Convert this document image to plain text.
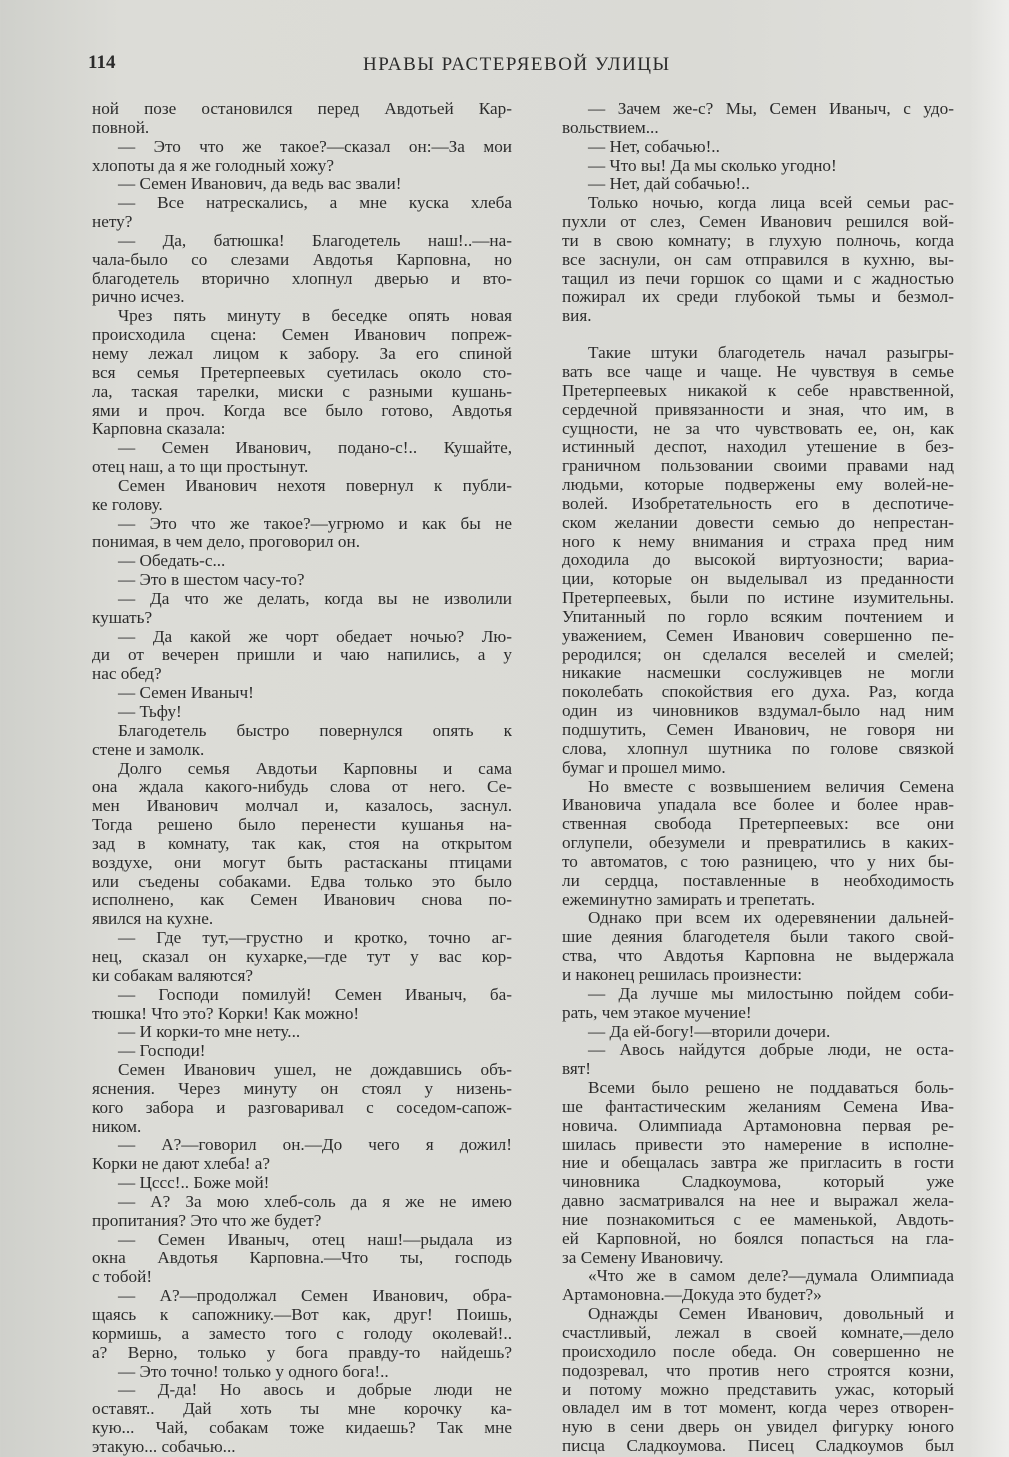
114	НРАВЫ РАСТЕРЯЕВОЙ УЛИЦЫ
ной позе остановился перед Авдотьей Кар-
повной.
— Это что же такое?—сказал он:—За мои
хлопоты да я же голодный хожу?
— Семен Иванович, да ведь вас звали!
— Все натрескались, а мне куска хлеба
нету?
— Да, батюшка! Благодетель наш!..—на-
чала-было со слезами Авдотья Карповна, но
благодетель вторично хлопнул дверью и вто-
рично исчез.
Чрез пять минуту в беседке опять новая
происходила сцена: Семен Иванович попреж-
нему лежал лицом к забору. За его спиной
вся семья Претерпеевых суетилась около сто-
ла, таская тарелки, миски с разными кушань-
ями и проч. Когда все было готово, Авдотья
Карповна сказала:
— Семен Иванович, подано-с!.. Кушайте,
отец наш, а то щи простынут.
Семен Иванович нехотя повернул к публи-
ке голову.
— Это что же такое?—угрюмо и как бы не
понимая, в чем дело, проговорил он.
— Обедать-с...
— Это в шестом часу-то?
— Да что же делать, когда вы не изволили
кушать?
— Да какой же чорт обедает ночью? Лю-
ди от вечерен пришли и чаю напились, а у
нас обед?
— Семен Иваныч!
— Тьфу!
Благодетель быстро повернулся опять к
стене и замолк.
Долго семья Авдотьи Карповны и сама
она ждала какого-нибудь слова от него. Се-
мен Иванович молчал и, казалось, заснул.
Тогда решено было перенести кушанья на-
зад в комнату, так как, стоя на открытом
воздухе, они могут быть растасканы птицами
или съедены собаками. Едва только это было
исполнено, как Семен Иванович снова по-
явился на кухне.
— Где тут,—грустно и кротко, точно аг-
нец, сказал он кухарке,—где тут у вас кор-
ки собакам валяются?
— Господи помилуй! Семен Иваныч, ба-
тюшка! Что это? Корки! Как можно!
— И корки-то мне нету...
— Господи!
Семен Иванович ушел, не дождавшись объ-
яснения. Через минуту он стоял у низень-
кого забора и разговаривал с соседом-сапож-
ником.
— А?—говорил он.—До чего я дожил!
Корки не дают хлеба! а?
— Цссс!.. Боже мой!
— А? За мою хлеб-соль да я же не имею
пропитания? Это что же будет?
— Семен Иваныч, отец наш!—рыдала из
окна Авдотья Карповна.—Что ты, господь
с тобой!
— А?—продолжал Семен Иванович, обра-
щаясь к сапожнику.—Вот как, друг! Поишь,
кормишь, а заместо того с голоду околевай!..
а? Верно, только у бога правду-то найдешь?
— Это точно! только у одного бога!..
— Д-да! Но авось и добрые люди не
оставят.. Дай хоть ты мне корочку ка-
кую... Чай, собакам тоже кидаешь? Так мне
этакую... собачью...
— Зачем же-с? Мы, Семен Иваныч, с удо-
вольствием...
— Нет, собачью!..
— Что вы! Да мы сколько угодно!
— Нет, дай собачью!..
Только ночью, когда лица всей семьи рас-
пухли от слез, Семен Иванович решился вой-
ти в свою комнату; в глухую полночь, когда
все заснули, он сам отправился в кухню, вы-
тащил из печи горшок со щами и с жадностью
пожирал их среди глубокой тьмы и безмол-
вия.
Такие штуки благодетель начал разыгры-
вать все чаще и чаще. Не чувствуя в семье
Претерпеевых никакой к себе нравственной,
сердечной привязанности и зная, что им, в
сущности, не за что чувствовать ее, он, как
истинный деспот, находил утешение в без-
граничном пользовании своими правами над
людьми, которые подвержены ему волей-не-
волей. Изобретательность его в деспотиче-
ском желании довести семью до непрестан-
ного к нему внимания и страха пред ним
доходила до высокой виртуозности; вариа-
ции, которые он выделывал из преданности
Претерпеевых, были по истине изумительны.
Упитанный по горло всяким почтением и
уважением, Семен Иванович совершенно пе-
реродился; он сделался веселей и смелей;
никакие насмешки сослуживцев не могли
поколебать спокойствия его духа. Раз, когда
один из чиновников вздумал-было над ним
подшутить, Семен Иванович, не говоря ни
слова, хлопнул шутника по голове связкой
бумаг и прошел мимо.
Но вместе с возвышением величия Семена
Ивановича упадала все более и более нрав-
ственная свобода Претерпеевых: все они
оглупели, обезумели и превратились в каких-
то автоматов, с тою разницею, что у них бы-
ли сердца, поставленные в необходимость
ежеминутно замирать и трепетать.
Однако при всем их одеревянении дальней-
шие деяния благодетеля были такого свой-
ства, что Авдотья Карповна не выдержала
и наконец решилась произнести:
— Да лучше мы милостыню пойдем соби-
рать, чем этакое мучение!
— Да ей-богу!—вторили дочери.
— Авось найдутся добрые люди, не оста-
вят!
Всеми было решено не поддаваться боль-
ше фантастическим желаниям Семена Ива-
новича. Олимпиада Артамоновна первая ре-
шилась привести это намерение в исполне-
ние и обещалась завтра же пригласить в гости
чиновника Сладкоумова, который уже
давно засматривался на нее и выражал жела-
ние познакомиться с ее маменькой, Авдоть-
ей Карповной, но боялся попасться на гла-
за Семену Ивановичу.
«Что же в самом деле?—думала Олимпиада
Артамоновна.—Докуда это будет?»
Однажды Семен Иванович, довольный и
счастливый, лежал в своей комнате,—дело
происходило после обеда. Он совершенно не
подозревал, что против него строятся козни,
и потому можно представить ужас, который
овладел им в тот момент, когда через отворен-
ную в сени дверь он увидел фигурку юного
писца Сладкоумова. Писец Сладкоумов был
